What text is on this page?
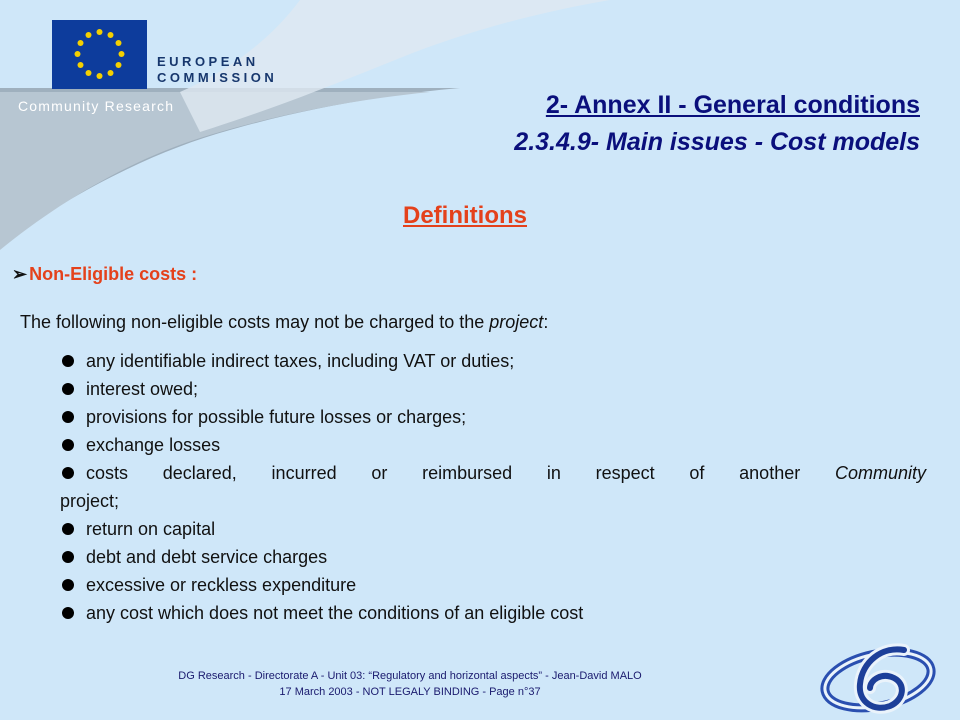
EUROPEAN
COMMISSION
Community Research	2- Annex II - General conditions
2.3.4.9- Main issues - Cost models
Definitions
➢ Non-Eligible costs :
The following non-eligible costs may not be charged to the project:
any identifiable indirect taxes, including VAT or duties;
interest owed;
provisions for possible future losses or charges;
exchange losses
costs declared, incurred or reimbursed in respect of another Community
project;
return on capital
debt and debt service charges
excessive or reckless expenditure
any cost which does not meet the conditions of an eligible cost
DG Research - Directorate A - Unit 03: “Regulatory and horizontal aspects” - Jean-David MALO
17 March 2003 - NOT LEGALY BINDING - Page n°37
